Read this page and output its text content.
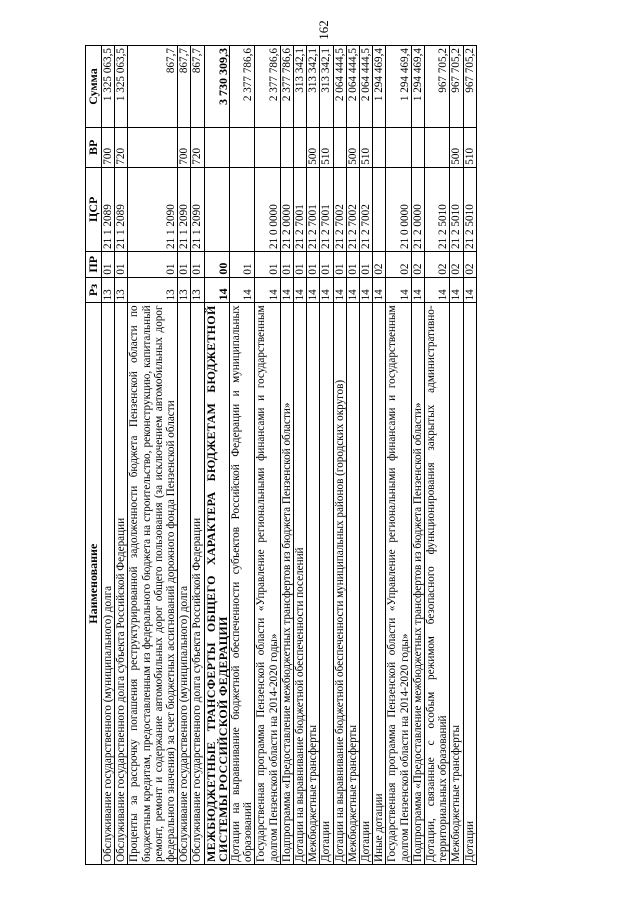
162
Наименование	Рз	ПР	ЦСР	ВР	Сумма
Обслуживание государственного (муниципального) долга	13	01	21 1 2089	700	1 325 063,5
Обслуживание государственного долга субъекта Российской Федерации	13	01	21 1 2089	720	1 325 063,5
Проценты за рассрочку погашения реструктурированной задолженности бюджета Пензенской области по бюджетным кредитам, предоставленным из федерального бюджета на строительство, реконструкцию, капитальный ремонт, ремонт и содержание автомобильных дорог общего пользования (за исключением автомобильных дорог федерального значения) за счет бюджетных ассигнований дорожного фонда Пензенской области	13	01	21 1 2090		867,7
Обслуживание государственного (муниципального) долга	13	01	21 1 2090	700	867,7
Обслуживание государственного долга субъекта Российской Федерации	13	01	21 1 2090	720	867,7
МЕЖБЮДЖЕТНЫЕ ТРАНСФЕРТЫ ОБЩЕГО ХАРАКТЕРА БЮДЖЕТАМ БЮДЖЕТНОЙ СИСТЕМЫ РОССИЙСКОЙ ФЕДЕРАЦИИ	14	00			3 730 309,3
Дотации на выравнивание бюджетной обеспеченности субъектов Российской Федерации и муниципальных образований	14	01			2 377 786,6
Государственная программа Пензенской области «Управление региональными финансами и государственным долгом Пензенской области на 2014-2020 годы»	14	01	21 0 0000		2 377 786,6
Подпрограмма «Предоставление межбюджетных трансфертов из бюджета Пензенской области»	14	01	21 2 0000		2 377 786,6
Дотации на выравнивание бюджетной обеспеченности поселений	14	01	21 2 7001		313 342,1
Межбюджетные трансферты	14	01	21 2 7001	500	313 342,1
Дотации	14	01	21 2 7001	510	313 342,1
Дотации на выравнивание бюджетной обеспеченности муниципальных районов (городских округов)	14	01	21 2 7002		2 064 444,5
Межбюджетные трансферты	14	01	21 2 7002	500	2 064 444,5
Дотации	14	01	21 2 7002	510	2 064 444,5
Иные дотации	14	02			1 294 469,4
Государственная программа Пензенской области «Управление региональными финансами и государственным долгом Пензенской области на 2014-2020 годы»	14	02	21 0 0000		1 294 469,4
Подпрограмма «Предоставление межбюджетных трансфертов из бюджета Пензенской области»	14	02	21 2 0000		1 294 469,4
Дотации, связанные с особым режимом безопасного функционирования закрытых административно-территориальных образований	14	02	21 2 5010		967 705,2
Межбюджетные трансферты	14	02	21 2 5010	500	967 705,2
Дотации	14	02	21 2 5010	510	967 705,2
